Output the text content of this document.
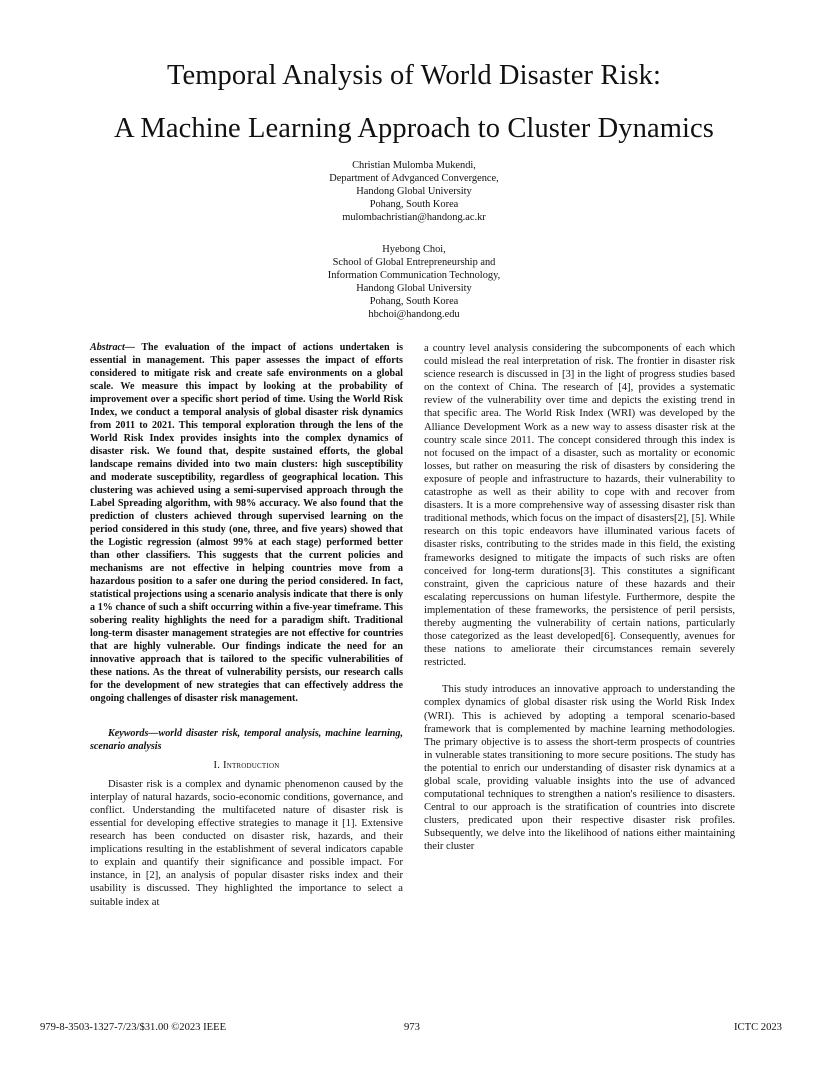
Temporal Analysis of World Disaster Risk:
A Machine Learning Approach to Cluster Dynamics
Christian Mulomba Mukendi,
Department of Advganced Convergence,
Handong Global University
Pohang, South Korea
mulombachristian@handong.ac.kr
Hyebong Choi,
School of Global Entrepreneurship and
Information Communication Technology,
Handong Global University
Pohang, South Korea
hbchoi@handong.edu

Abstract— The evaluation of the impact of actions undertaken is essential in management. This paper assesses the impact of efforts considered to mitigate risk and create safe environments on a global scale. We measure this impact by looking at the probability of improvement over a specific short period of time. Using the World Risk Index, we conduct a temporal analysis of global disaster risk dynamics from 2011 to 2021. This temporal exploration through the lens of the World Risk Index provides insights into the complex dynamics of disaster risk. We found that, despite sustained efforts, the global landscape remains divided into two main clusters: high susceptibility and moderate susceptibility, regardless of geographical location. This clustering was achieved using a semi-supervised approach through the Label Spreading algorithm, with 98% accuracy. We also found that the prediction of clusters achieved through supervised learning on the period considered in this study (one, three, and five years) showed that the Logistic regression (almost 99% at each stage) performed better than other classifiers. This suggests that the current policies and mechanisms are not effective in helping countries move from a hazardous position to a safer one during the period considered. In fact, statistical projections using a scenario analysis indicate that there is only a 1% chance of such a shift occurring within a five-year timeframe. This sobering reality highlights the need for a paradigm shift. Traditional long-term disaster management strategies are not effective for countries that are highly vulnerable. Our findings indicate the need for an innovative approach that is tailored to the specific vulnerabilities of these nations. As the threat of vulnerability persists, our research calls for the development of new strategies that can effectively address the ongoing challenges of disaster risk management.

Keywords—world disaster risk, temporal analysis, machine learning, scenario analysis

I. Introduction

Disaster risk is a complex and dynamic phenomenon caused by the interplay of natural hazards, socio-economic conditions, governance, and conflict. Understanding the multifaceted nature of disaster risk is essential for developing effective strategies to manage it [1]. Extensive research has been conducted on disaster risk, hazards, and their implications resulting in the establishment of several indicators capable to explain and quantify their significance and possible impact. For instance, in [2], an analysis of popular disaster risks index and their usability is discussed. They highlighted the importance to select a suitable index at

a country level analysis considering the subcomponents of each which could mislead the real interpretation of risk. The frontier in disaster risk science research is discussed in [3] in the light of progress studies based on the context of China. The research of [4], provides a systematic review of the vulnerability over time and depicts the existing trend in that specific area. The World Risk Index (WRI) was developed by the Alliance Development Work as a new way to assess disaster risk at the country scale since 2011. The concept considered through this index is not focused on the impact of a disaster, such as mortality or economic losses, but rather on measuring the risk of disasters by considering the exposure of people and infrastructure to hazards, their vulnerability to catastrophe as well as their ability to cope with and recover from disasters. It is a more comprehensive way of assessing disaster risk than traditional methods, which focus on the impact of disasters[2], [5]. While research on this topic endeavors have illuminated various facets of disaster risks, contributing to the strides made in this field, the existing frameworks designed to mitigate the impacts of such risks are often conceived for long-term durations[3]. This constitutes a significant constraint, given the capricious nature of these hazards and their escalating repercussions on human lifestyle. Furthermore, despite the implementation of these frameworks, the persistence of peril persists, thereby augmenting the vulnerability of certain nations, particularly those categorized as the least developed[6]. Consequently, avenues for these nations to ameliorate their circumstances remain severely restricted.

This study introduces an innovative approach to understanding the complex dynamics of global disaster risk using the World Risk Index (WRI). This is achieved by adopting a temporal scenario-based framework that is complemented by machine learning methodologies. The primary objective is to assess the short-term prospects of countries in vulnerable states transitioning to more secure positions. The study has the potential to enrich our understanding of disaster risk dynamics at a global scale, providing valuable insights into the use of advanced computational techniques to strengthen a nation's resilience to disasters. Central to our approach is the stratification of countries into discrete clusters, predicated upon their respective disaster risk profiles. Subsequently, we delve into the likelihood of nations either maintaining their cluster

979-8-3503-1327-7/23/$31.00 ©2023 IEEE	973	ICTC 2023
